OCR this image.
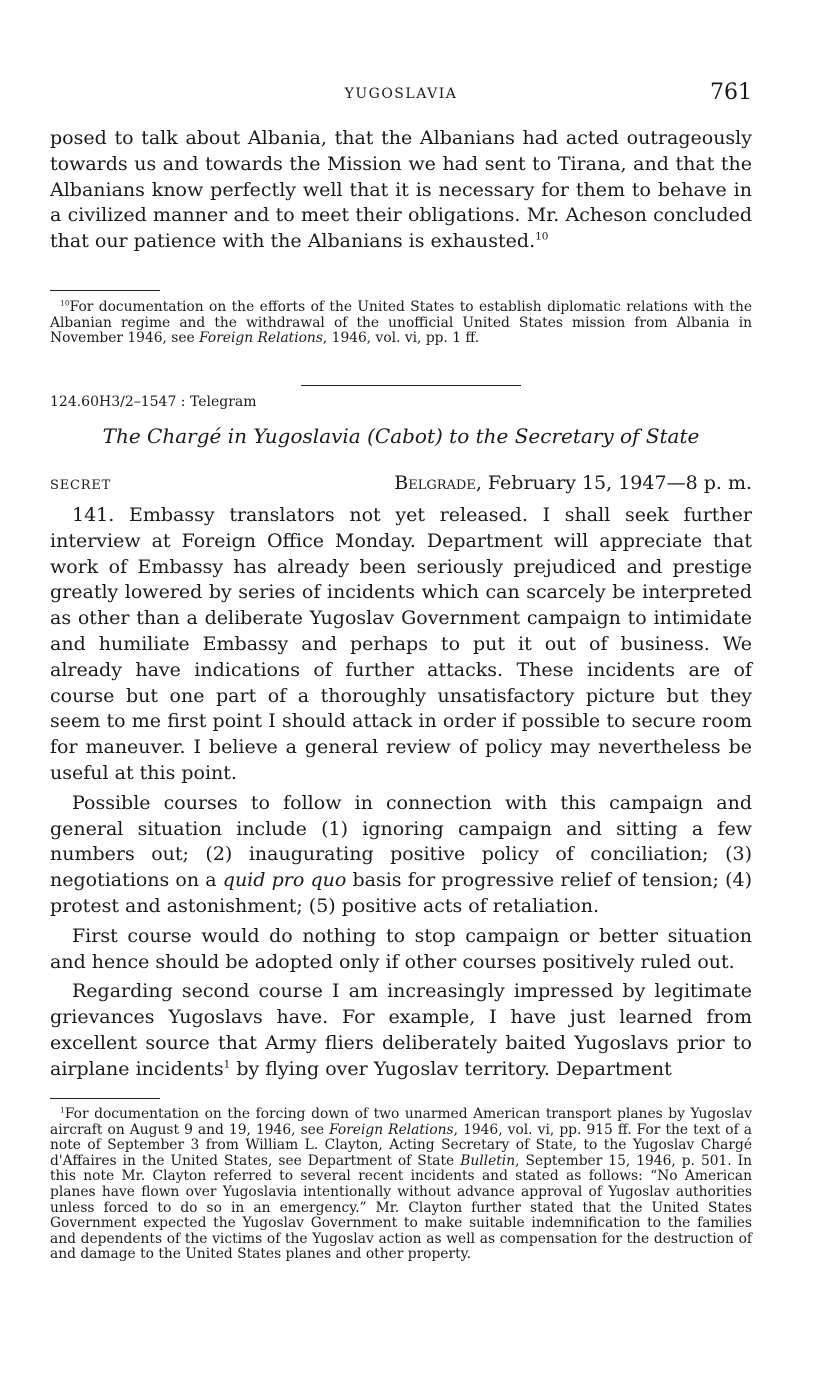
YUGOSLAVIA	761

posed to talk about Albania, that the Albanians had acted outrageously towards us and towards the Mission we had sent to Tirana, and that the Albanians know perfectly well that it is necessary for them to behave in a civilized manner and to meet their obligations. Mr. Acheson concluded that our patience with the Albanians is exhausted.$^{10}$

$^{10}$For documentation on the efforts of the United States to establish diplomatic relations with the Albanian regime and the withdrawal of the unofficial United States mission from Albania in November 1946, see Foreign Relations, 1946, vol. vi, pp. 1 ff.

124.60H3/2–1547 : Telegram
The Chargé in Yugoslavia (Cabot) to the Secretary of State
SECRET	Belgrade, February 15, 1947—8 p. m.

141. Embassy translators not yet released. I shall seek further interview at Foreign Office Monday. Department will appreciate that work of Embassy has already been seriously prejudiced and prestige greatly lowered by series of incidents which can scarcely be interpreted as other than a deliberate Yugoslav Government campaign to intimidate and humiliate Embassy and perhaps to put it out of business. We already have indications of further attacks. These incidents are of course but one part of a thoroughly unsatisfactory picture but they seem to me first point I should attack in order if possible to secure room for maneuver. I believe a general review of policy may nevertheless be useful at this point.

Possible courses to follow in connection with this campaign and general situation include (1) ignoring campaign and sitting a few numbers out; (2) inaugurating positive policy of conciliation; (3) negotiations on a quid pro quo basis for progressive relief of tension; (4) protest and astonishment; (5) positive acts of retaliation.

First course would do nothing to stop campaign or better situation and hence should be adopted only if other courses positively ruled out.

Regarding second course I am increasingly impressed by legitimate grievances Yugoslavs have. For example, I have just learned from excellent source that Army fliers deliberately baited Yugoslavs prior to airplane incidents$^1$ by flying over Yugoslav territory. Department

$^1$For documentation on the forcing down of two unarmed American transport planes by Yugoslav aircraft on August 9 and 19, 1946, see Foreign Relations, 1946, vol. vi, pp. 915 ff. For the text of a note of September 3 from William L. Clayton, Acting Secretary of State, to the Yugoslav Chargé d'Affaires in the United States, see Department of State Bulletin, September 15, 1946, p. 501. In this note Mr. Clayton referred to several recent incidents and stated as follows: “No American planes have flown over Yugoslavia intentionally without advance approval of Yugoslav authorities unless forced to do so in an emergency.” Mr. Clayton further stated that the United States Government expected the Yugoslav Government to make suitable indemnification to the families and dependents of the victims of the Yugoslav action as well as compensation for the destruction of and damage to the United States planes and other property.
